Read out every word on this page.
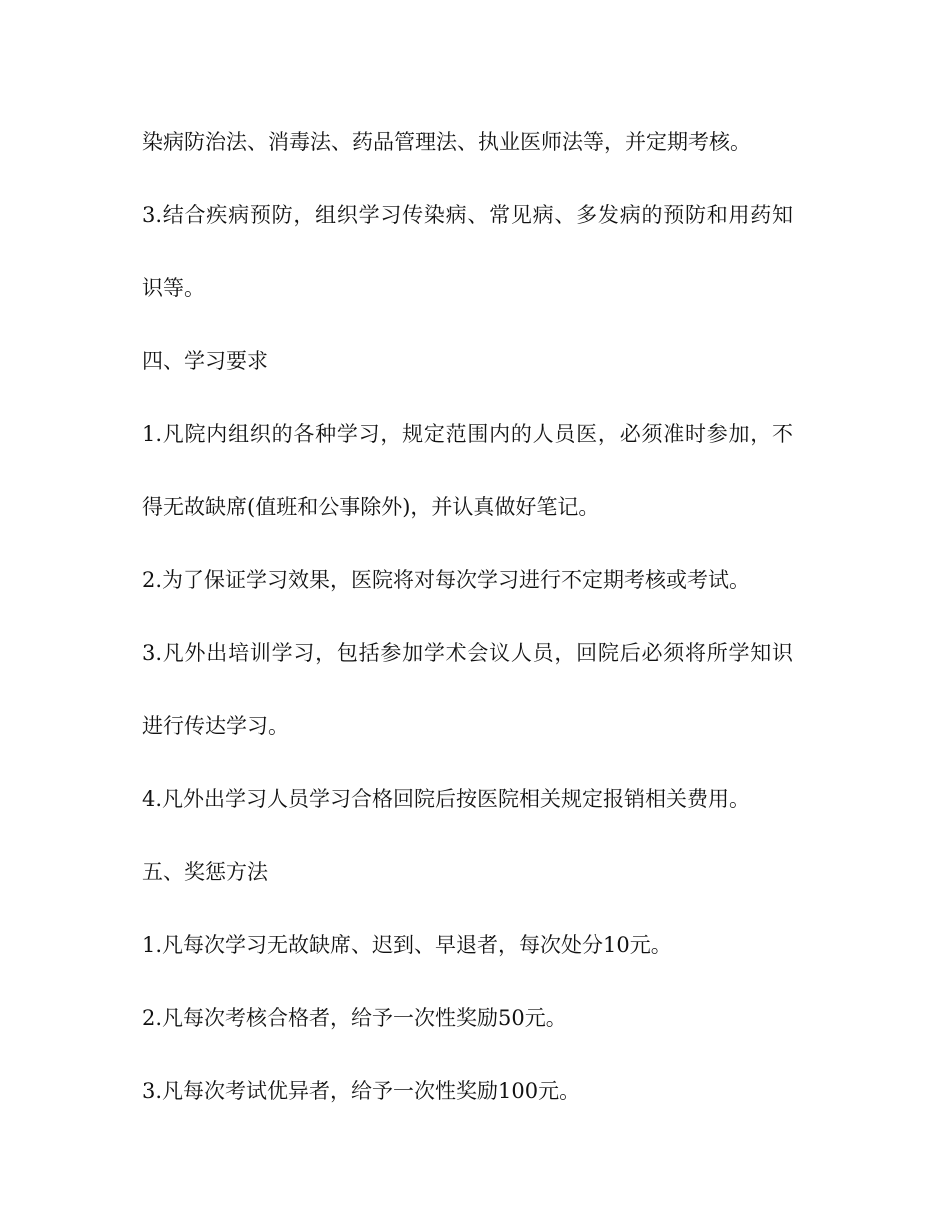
染病防治法、消毒法、药品管理法、执业医师法等，并定期考核。
3.结合疾病预防，组织学习传染病、常见病、多发病的预防和用药知
识等。
四、学习要求
1.凡院内组织的各种学习，规定范围内的人员医，必须准时参加，不
得无故缺席(值班和公事除外)，并认真做好笔记。
2.为了保证学习效果，医院将对每次学习进行不定期考核或考试。
3.凡外出培训学习，包括参加学术会议人员，回院后必须将所学知识
进行传达学习。
4.凡外出学习人员学习合格回院后按医院相关规定报销相关费用。
五、奖惩方法
1.凡每次学习无故缺席、迟到、早退者，每次处分10元。
2.凡每次考核合格者，给予一次性奖励50元。
3.凡每次考试优异者，给予一次性奖励100元。
